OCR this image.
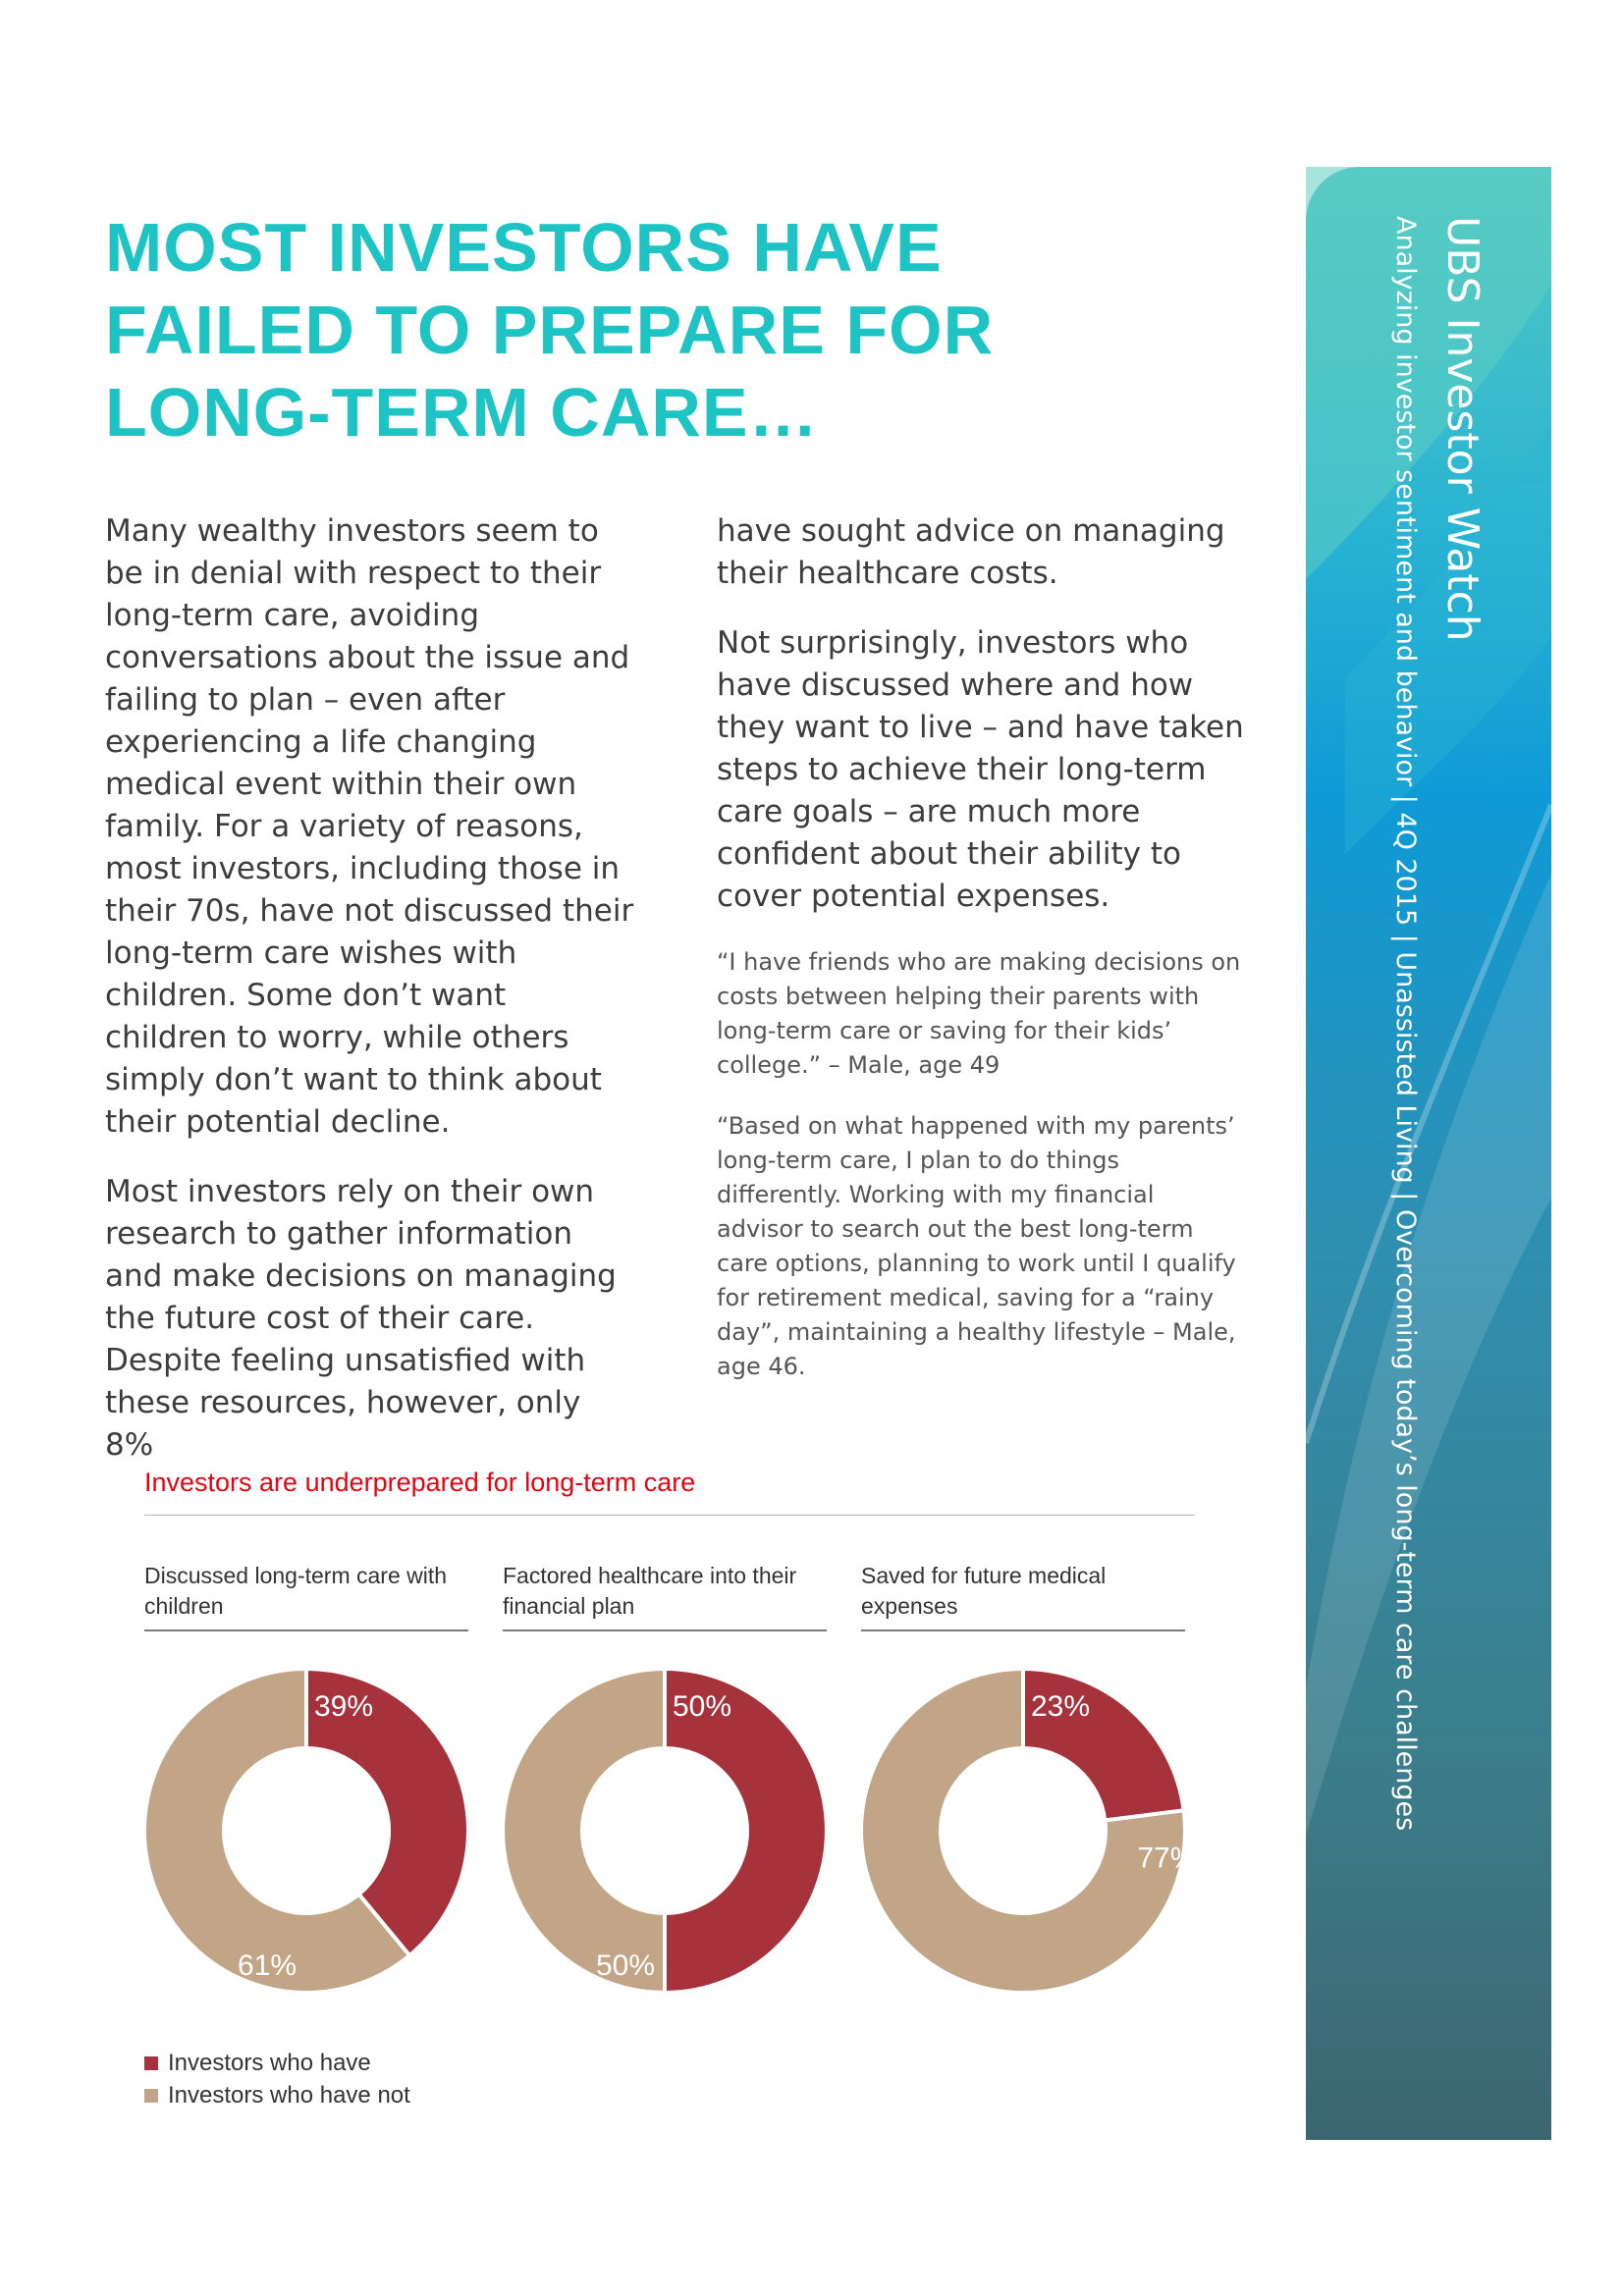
MOST INVESTORS HAVE FAILED TO PREPARE FOR LONG-TERM CARE…

Many wealthy investors seem to be in denial with respect to their long-term care, avoiding conversations about the issue and failing to plan – even after experiencing a life changing medical event within their own family. For a variety of reasons, most investors, including those in their 70s, have not discussed their long-term care wishes with children. Some don’t want children to worry, while others simply don’t want to think about their potential decline.

Most investors rely on their own research to gather information and make decisions on managing the future cost of their care. Despite feeling unsatisfied with these resources, however, only 8%

have sought advice on managing their healthcare costs.

Not surprisingly, investors who have discussed where and how they want to live – and have taken steps to achieve their long-term care goals – are much more confident about their ability to cover potential expenses.

“I have friends who are making decisions on costs between helping their parents with long-term care or saving for their kids’ college.” – Male, age 49

“Based on what happened with my parents’ long-term care, I plan to do things differently. Working with my financial advisor to search out the best long-term care options, planning to work until I qualify for retirement medical, saving for a “rainy day”, maintaining a healthy lifestyle – Male, age 46.

Investors are underprepared for long-term care
Discussed long-term care with children
39%
61%
Factored healthcare into their financial plan
50%
50%
Saved for future medical expenses
23%
77%
Investors who have
Investors who have not
UBS Investor Watch
Analyzing investor sentiment and behavior | 4Q 2015 | Unassisted Living | Overcoming today’s long-term care challenges
